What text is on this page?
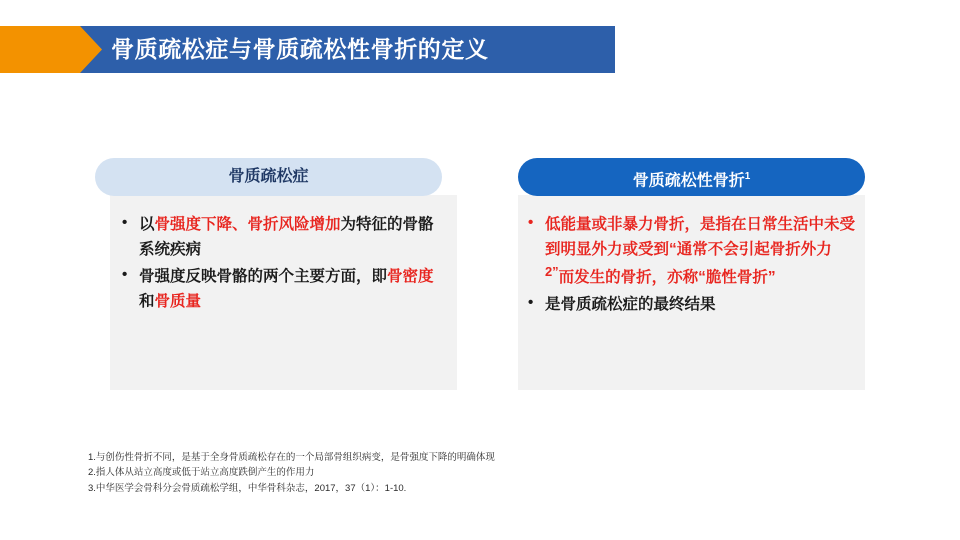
骨质疏松症与骨质疏松性骨折的定义
骨质疏松症
• 以骨强度下降、骨折风险增加为特征的骨骼系统疾病
• 骨强度反映骨骼的两个主要方面，即骨密度和骨质量
骨质疏松性骨折$^1$
• 低能量或非暴力骨折，是指在日常生活中未受到明显外力或受到“通常不会引起骨折外力$^{2”}$而发生的骨折，亦称“脆性骨折”
• 是骨质疏松症的最终结果
1.与创伤性骨折不同，是基于全身骨质疏松存在的一个局部骨组织病变，是骨强度下降的明确体现
2.指人体从站立高度或低于站立高度跌倒产生的作用力
3.中华医学会骨科分会骨质疏松学组，中华骨科杂志，2017，37（1）：1-10.
